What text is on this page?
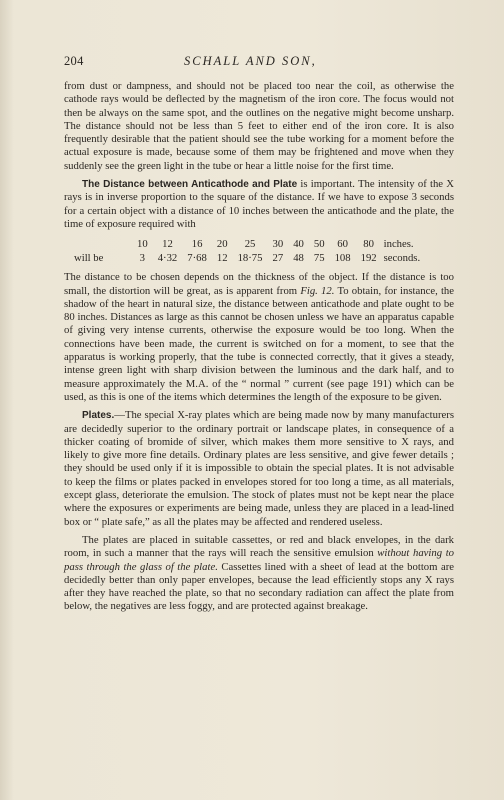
204	SCHALL AND SON,

from dust or dampness, and should not be placed too near the coil, as otherwise the cathode rays would be deflected by the magnetism of the iron core. The focus would not then be always on the same spot, and the outlines on the negative might become unsharp. The distance should not be less than 5 feet to either end of the iron core. It is also frequently desirable that the patient should see the tube working for a moment before the actual exposure is made, because some of them may be frightened and move when they suddenly see the green light in the tube or hear a little noise for the first time.

The Distance between Anticathode and Plate is important. The intensity of the X rays is in inverse proportion to the square of the distance. If we have to expose 3 seconds for a certain object with a distance of 10 inches between the anticathode and the plate, the time of exposure required with

	10	12	16	20	25	30	40	50	60	80	inches.
will be	3	4·32	7·68	12	18·75	27	48	75	108	192	seconds.

The distance to be chosen depends on the thickness of the object. If the distance is too small, the distortion will be great, as is apparent from Fig. 12. To obtain, for instance, the shadow of the heart in natural size, the distance between anticathode and plate ought to be 80 inches. Distances as large as this cannot be chosen unless we have an apparatus capable of giving very intense currents, otherwise the exposure would be too long. When the connections have been made, the current is switched on for a moment, to see that the apparatus is working properly, that the tube is connected correctly, that it gives a steady, intense green light with sharp division between the luminous and the dark half, and to measure approximately the M.A. of the “ normal ” current (see page 191) which can be used, as this is one of the items which determines the length of the exposure to be given.

Plates.—The special X-ray plates which are being made now by many manufacturers are decidedly superior to the ordinary portrait or landscape plates, in consequence of a thicker coating of bromide of silver, which makes them more sensitive to X rays, and likely to give more fine details. Ordinary plates are less sensitive, and give fewer details ; they should be used only if it is impossible to obtain the special plates. It is not advisable to keep the films or plates packed in envelopes stored for too long a time, as all materials, except glass, deteriorate the emulsion. The stock of plates must not be kept near the place where the exposures or experiments are being made, unless they are placed in a lead-lined box or “ plate safe,” as all the plates may be affected and rendered useless.

The plates are placed in suitable cassettes, or red and black envelopes, in the dark room, in such a manner that the rays will reach the sensitive emulsion without having to pass through the glass of the plate. Cassettes lined with a sheet of lead at the bottom are decidedly better than only paper envelopes, because the lead efficiently stops any X rays after they have reached the plate, so that no secondary radiation can affect the plate from below, the negatives are less foggy, and are protected against breakage.
